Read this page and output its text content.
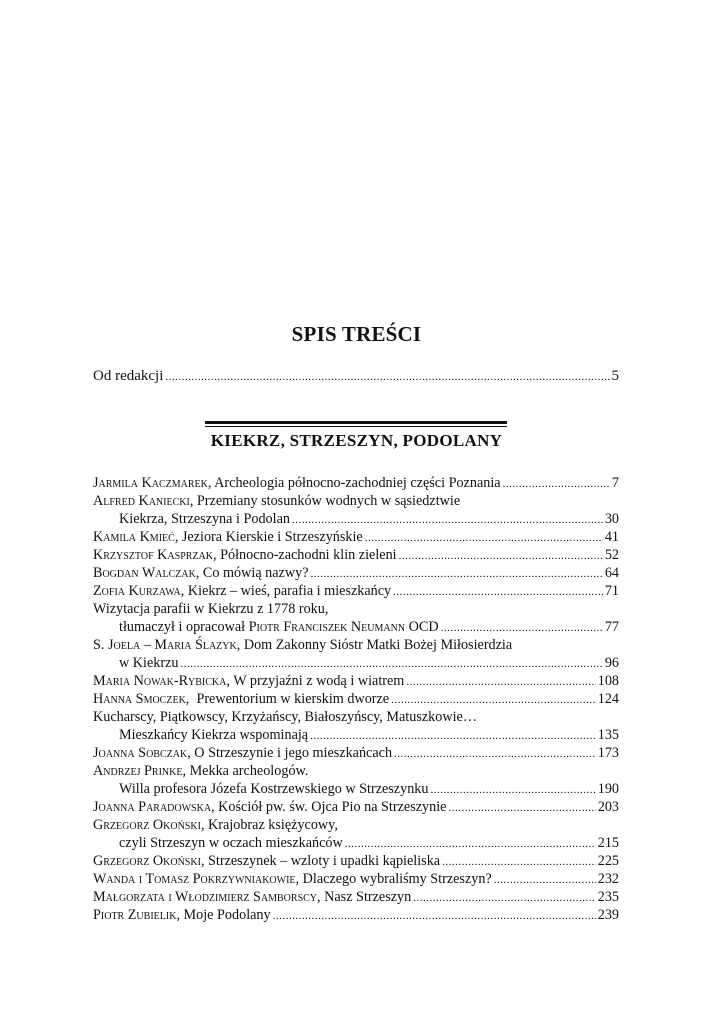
SPIS TREŚCI
Od redakcji .....	5
KIEKRZ, STRZESZYN, PODOLANY
Jarmila Kaczmarek , Archeologia północno-zachodniej części Poznania .....	7
Alfred Kaniecki , Przemiany stosunków wodnych w sąsiedztwie
Kiekrza, Strzeszyna i Podolan .....	30
Kamila Kmieć , Jeziora Kierskie i Strzeszyńskie .....	41
Krzysztof Kasprzak , Północno-zachodni klin zieleni .....	52
Bogdan Walczak , Co mówią nazwy? .....	64
Zofia Kurzawa , Kiekrz – wieś, parafia i mieszkańcy .....	71
Wizytacja parafii w Kiekrzu z 1778 roku,
tłumaczył i opracował Piotr Franciszek Neumann OCD .....	77
S. Joela – Maria Ślazyk , Dom Zakonny Sióstr Matki Bożej Miłosierdzia
w Kiekrzu .....	96
Maria Nowak-Rybicka , W przyjaźni z wodą i wiatrem .....	108
Hanna Smoczek ,  Prewentorium w kierskim dworze .....	124
Kucharscy, Piątkowscy, Krzyżańscy, Białoszyńscy, Matuszkowie…
Mieszkańcy Kiekrza wspominają .....	135
Joanna Sobczak , O Strzeszynie i jego mieszkańcach .....	173
Andrzej Prinke , Mekka archeologów.
Willa profesora Józefa Kostrzewskiego w Strzeszynku .....	190
Joanna Paradowska , Kościół pw. św. Ojca Pio na Strzeszynie .....	203
Grzegorz Okoński , Krajobraz księżycowy,
czyli Strzeszyn w oczach mieszkańców .....	215
Grzegorz Okoński , Strzeszynek – wzloty i upadki kąpieliska .....	225
Wanda i Tomasz Pokrzywniakowie , Dlaczego wybraliśmy Strzeszyn? .....	232
Małgorzata i Włodzimierz Samborscy , Nasz Strzeszyn .....	235
Piotr Zubielik , Moje Podolany .....	239
